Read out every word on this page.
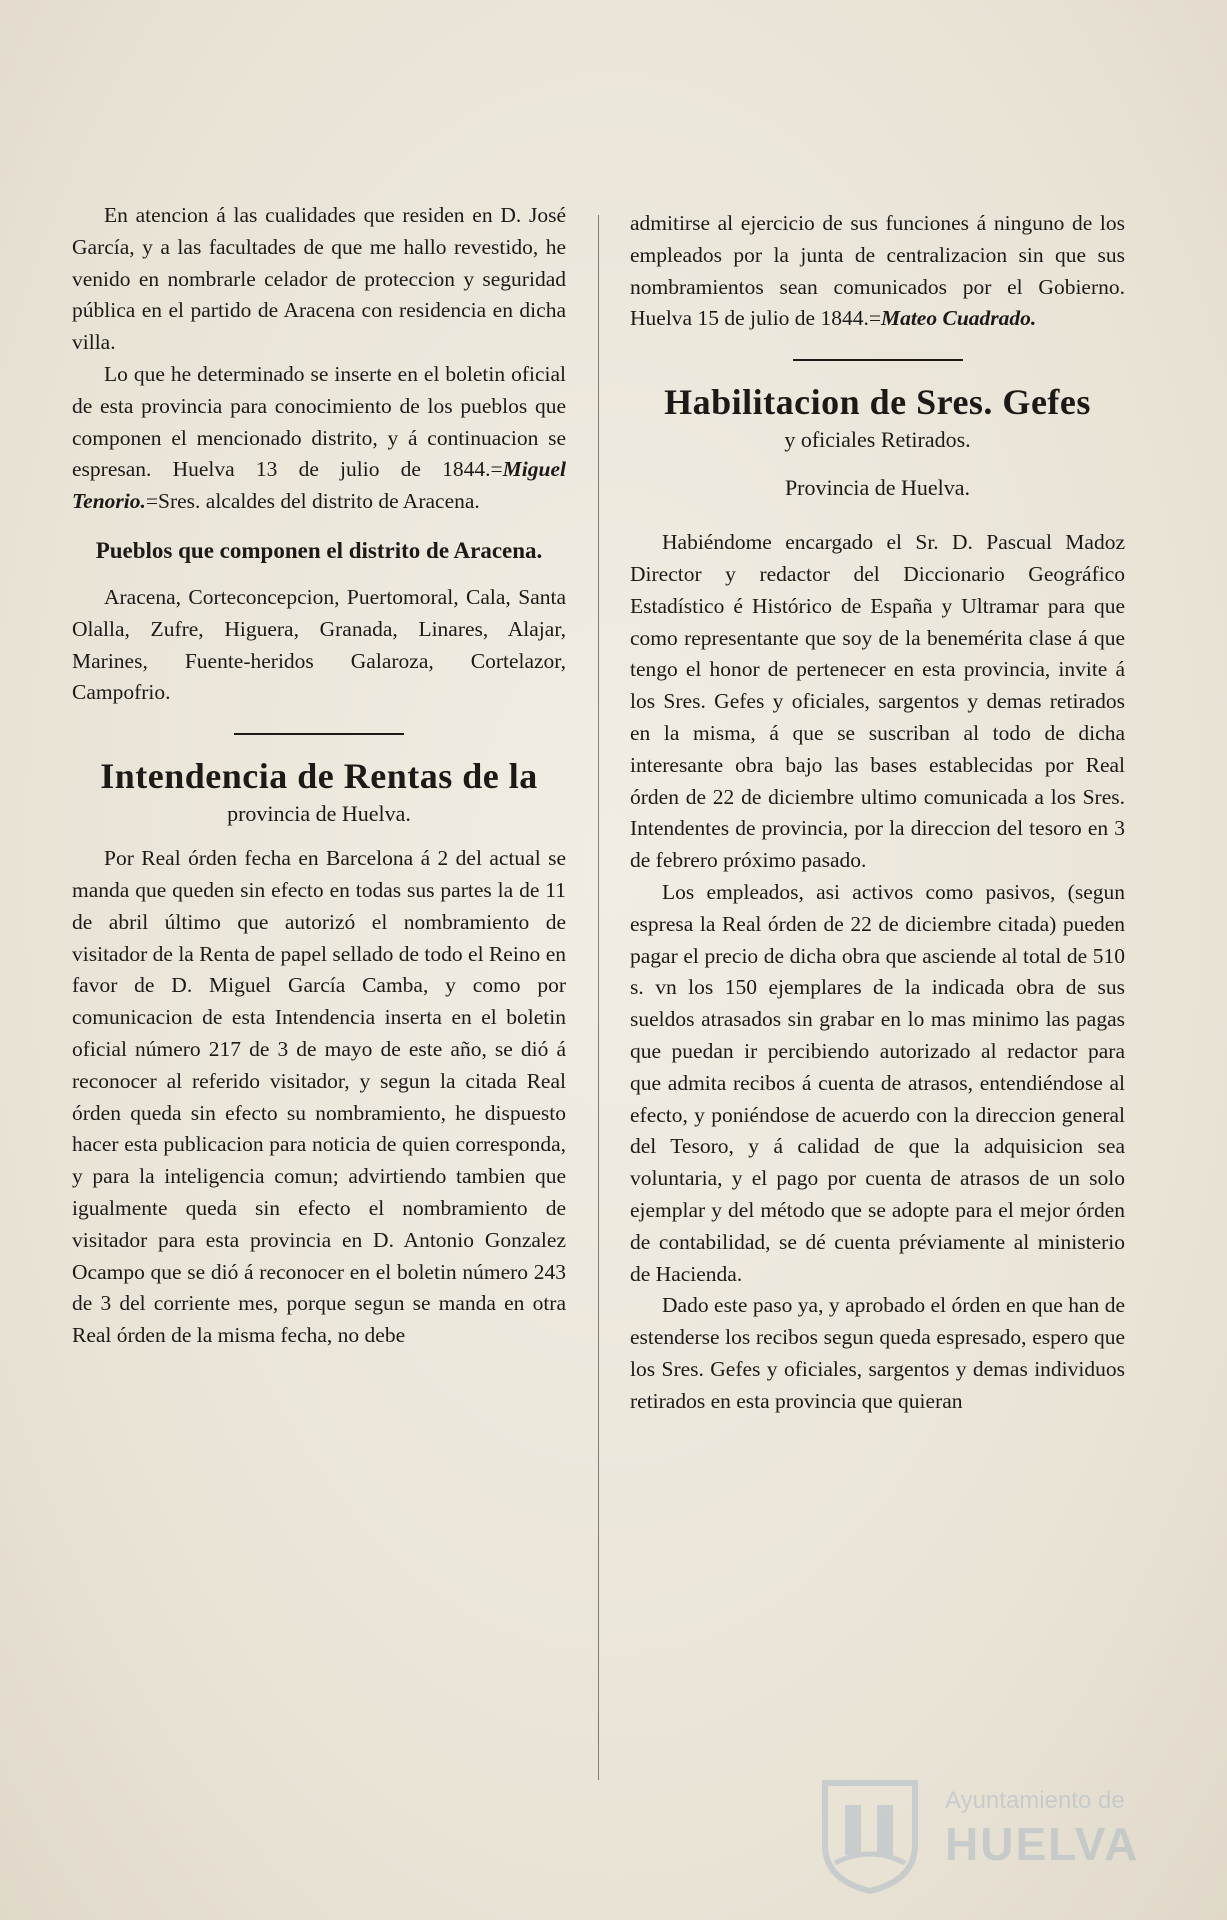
En atencion á las cualidades que residen en D. José García, y a las facultades de que me hallo revestido, he venido en nombrarle celador de proteccion y seguridad pública en el partido de Aracena con residencia en dicha villa.

Lo que he determinado se inserte en el boletin oficial de esta provincia para conocimiento de los pueblos que componen el mencionado distrito, y á continuacion se espresan. Huelva 13 de julio de 1844.=Miguel Tenorio.=Sres. alcaldes del distrito de Aracena.

Pueblos que componen el distrito de Aracena.

Aracena, Corteconcepcion, Puertomoral, Cala, Santa Olalla, Zufre, Higuera, Granada, Linares, Alajar, Marines, Fuente-heridos Galaroza, Cortelazor, Campofrio.

Intendencia de Rentas de la
provincia de Huelva.

Por Real órden fecha en Barcelona á 2 del actual se manda que queden sin efecto en todas sus partes la de 11 de abril último que autorizó el nombramiento de visitador de la Renta de papel sellado de todo el Reino en favor de D. Miguel García Camba, y como por comunicacion de esta Intendencia inserta en el boletin oficial número 217 de 3 de mayo de este año, se dió á reconocer al referido visitador, y segun la citada Real órden queda sin efecto su nombramiento, he dispuesto hacer esta publicacion para noticia de quien corresponda, y para la inteligencia comun; advirtiendo tambien que igualmente queda sin efecto el nombramiento de visitador para esta provincia en D. Antonio Gonzalez Ocampo que se dió á reconocer en el boletin número 243 de 3 del corriente mes, porque segun se manda en otra Real órden de la misma fecha, no debe

admitirse al ejercicio de sus funciones á ninguno de los empleados por la junta de centralizacion sin que sus nombramientos sean comunicados por el Gobierno. Huelva 15 de julio de 1844.=Mateo Cuadrado.

Habilitacion de Sres. Gefes
y oficiales Retirados.
Provincia de Huelva.

Habiéndome encargado el Sr. D. Pascual Madoz Director y redactor del Diccionario Geográfico Estadístico é Histórico de España y Ultramar para que como representante que soy de la benemérita clase á que tengo el honor de pertenecer en esta provincia, invite á los Sres. Gefes y oficiales, sargentos y demas retirados en la misma, á que se suscriban al todo de dicha interesante obra bajo las bases establecidas por Real órden de 22 de diciembre ultimo comunicada a los Sres. Intendentes de provincia, por la direccion del tesoro en 3 de febrero próximo pasado.

Los empleados, asi activos como pasivos, (segun espresa la Real órden de 22 de diciembre citada) pueden pagar el precio de dicha obra que asciende al total de 510 s. vn los 150 ejemplares de la indicada obra de sus sueldos atrasados sin grabar en lo mas minimo las pagas que puedan ir percibiendo autorizado al redactor para que admita recibos á cuenta de atrasos, entendiéndose al efecto, y poniéndose de acuerdo con la direccion general del Tesoro, y á calidad de que la adquisicion sea voluntaria, y el pago por cuenta de atrasos de un solo ejemplar y del método que se adopte para el mejor órden de contabilidad, se dé cuenta préviamente al ministerio de Hacienda.

Dado este paso ya, y aprobado el órden en que han de estenderse los recibos segun queda espresado, espero que los Sres. Gefes y oficiales, sargentos y demas individuos retirados en esta provincia que quieran

Ayuntamiento de
HUELVA
